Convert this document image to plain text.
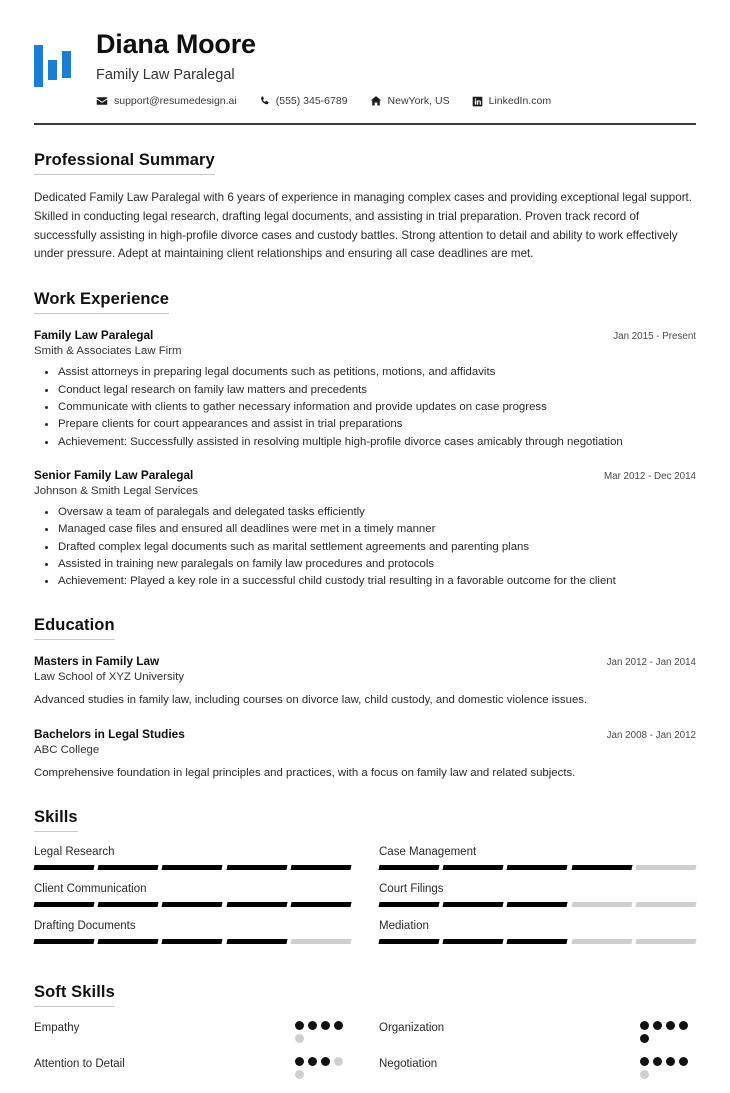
Diana Moore
Family Law Paralegal
support@resumedesign.ai	(555) 345-6789	NewYork, US	LinkedIn.com
Professional Summary
Dedicated Family Law Paralegal with 6 years of experience in managing complex cases and providing exceptional legal support. Skilled in conducting legal research, drafting legal documents, and assisting in trial preparation. Proven track record of successfully assisting in high-profile divorce cases and custody battles. Strong attention to detail and ability to work effectively under pressure. Adept at maintaining client relationships and ensuring all case deadlines are met.
Work Experience
Family Law Paralegal	Jan 2015 - Present
Smith & Associates Law Firm
Assist attorneys in preparing legal documents such as petitions, motions, and affidavits
Conduct legal research on family law matters and precedents
Communicate with clients to gather necessary information and provide updates on case progress
Prepare clients for court appearances and assist in trial preparations
Achievement: Successfully assisted in resolving multiple high-profile divorce cases amicably through negotiation
Senior Family Law Paralegal	Mar 2012 - Dec 2014
Johnson & Smith Legal Services
Oversaw a team of paralegals and delegated tasks efficiently
Managed case files and ensured all deadlines were met in a timely manner
Drafted complex legal documents such as marital settlement agreements and parenting plans
Assisted in training new paralegals on family law procedures and protocols
Achievement: Played a key role in a successful child custody trial resulting in a favorable outcome for the client
Education
Masters in Family Law	Jan 2012 - Jan 2014
Law School of XYZ University
Advanced studies in family law, including courses on divorce law, child custody, and domestic violence issues.
Bachelors in Legal Studies	Jan 2008 - Jan 2012
ABC College
Comprehensive foundation in legal principles and practices, with a focus on family law and related subjects.
Skills
Legal Research	Case Management
Client Communication	Court Filings
Drafting Documents	Mediation
Soft Skills
Empathy	Organization
Attention to Detail	Negotiation
